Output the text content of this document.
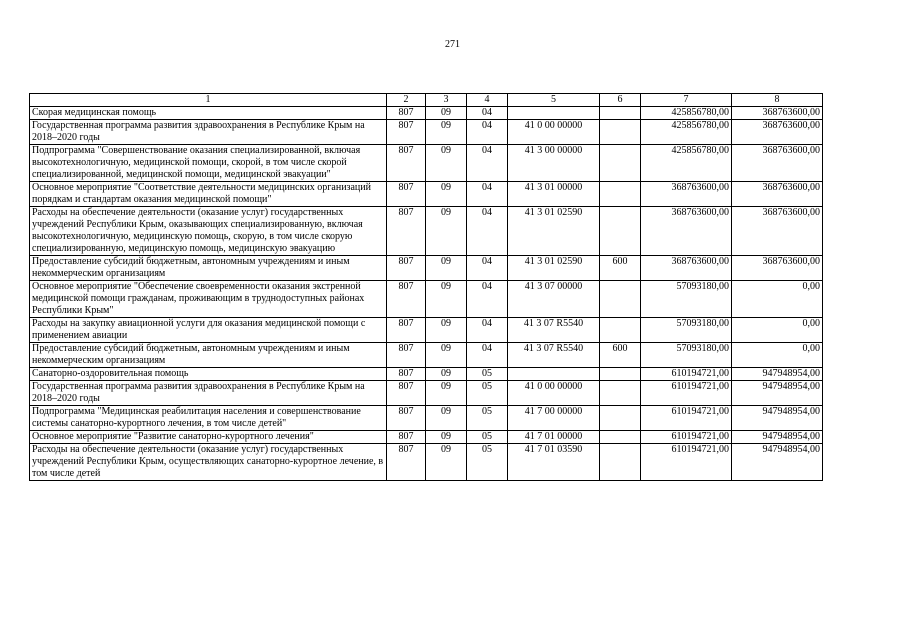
271
1	2	3	4	5	6	7	8
Скорая медицинская помощь	807	09	04			425856780,00	368763600,00
Государственная программа развития здравоохранения в Республике Крым на 2018–2020 годы	807	09	04	41 0 00 00000		425856780,00	368763600,00
Подпрограмма "Совершенствование оказания специализированной, включая высокотехнологичную, медицинской помощи, скорой, в том числе скорой специализированной, медицинской помощи, медицинской эвакуации"	807	09	04	41 3 00 00000		425856780,00	368763600,00
Основное мероприятие "Соответствие деятельности медицинских организаций порядкам и стандартам оказания медицинской помощи"	807	09	04	41 3 01 00000		368763600,00	368763600,00
Расходы на обеспечение деятельности (оказание услуг) государственных учреждений Республики Крым, оказывающих специализированную, включая высокотехнологичную, медицинскую помощь, скорую, в том числе скорую специализированную, медицинскую помощь, медицинскую эвакуацию	807	09	04	41 3 01 02590		368763600,00	368763600,00
Предоставление субсидий бюджетным, автономным учреждениям и иным некоммерческим организациям	807	09	04	41 3 01 02590	600	368763600,00	368763600,00
Основное мероприятие "Обеспечение своевременности оказания экстренной медицинской помощи гражданам, проживающим в труднодоступных районах Республики Крым"	807	09	04	41 3 07 00000		57093180,00	0,00
Расходы на закупку авиационной услуги для оказания медицинской помощи с применением авиации	807	09	04	41 3 07 R5540		57093180,00	0,00
Предоставление субсидий бюджетным, автономным учреждениям и иным некоммерческим организациям	807	09	04	41 3 07 R5540	600	57093180,00	0,00
Санаторно-оздоровительная помощь	807	09	05			610194721,00	947948954,00
Государственная программа развития здравоохранения в Республике Крым на 2018–2020 годы	807	09	05	41 0 00 00000		610194721,00	947948954,00
Подпрограмма "Медицинская реабилитация населения и совершенствование системы санаторно-курортного лечения, в том числе детей"	807	09	05	41 7 00 00000		610194721,00	947948954,00
Основное мероприятие "Развитие санаторно-курортного лечения"	807	09	05	41 7 01 00000		610194721,00	947948954,00
Расходы на обеспечение деятельности (оказание услуг) государственных учреждений Республики Крым, осуществляющих санаторно-курортное лечение, в том числе детей	807	09	05	41 7 01 03590		610194721,00	947948954,00
